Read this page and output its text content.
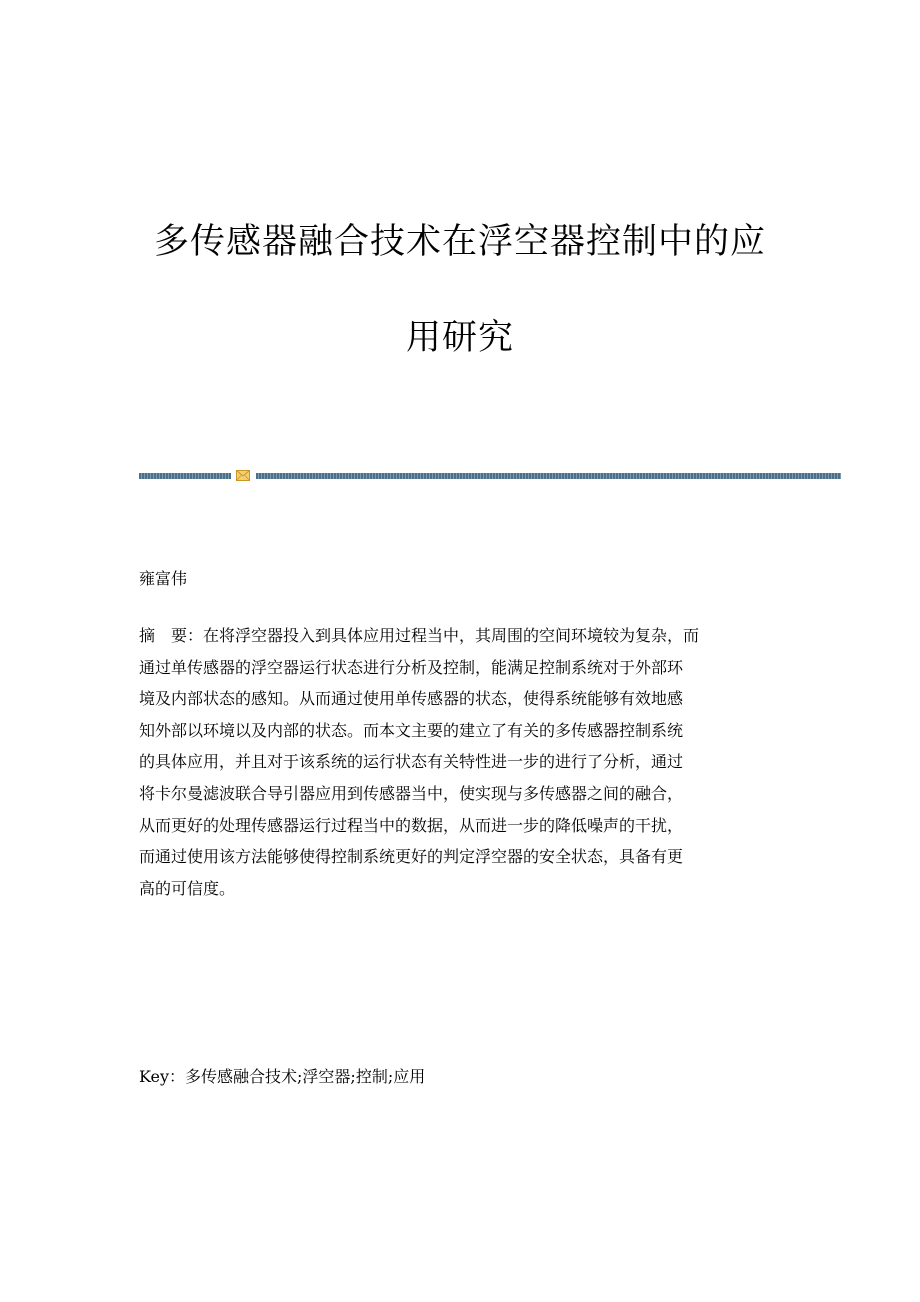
多传感器融合技术在浮空器控制中的应
用研究
雍富伟
摘　要：在将浮空器投入到具体应用过程当中，其周围的空间环境较为复杂，而
通过单传感器的浮空器运行状态进行分析及控制，能满足控制系统对于外部环
境及内部状态的感知。从而通过使用单传感器的状态，使得系统能够有效地感
知外部以环境以及内部的状态。而本文主要的建立了有关的多传感器控制系统
的具体应用，并且对于该系统的运行状态有关特性进一步的进行了分析，通过
将卡尔曼滤波联合导引器应用到传感器当中，使实现与多传感器之间的融合，
从而更好的处理传感器运行过程当中的数据，从而进一步的降低噪声的干扰，
而通过使用该方法能够使得控制系统更好的判定浮空器的安全状态，具备有更
高的可信度。
Key：多传感融合技术;浮空器;控制;应用
